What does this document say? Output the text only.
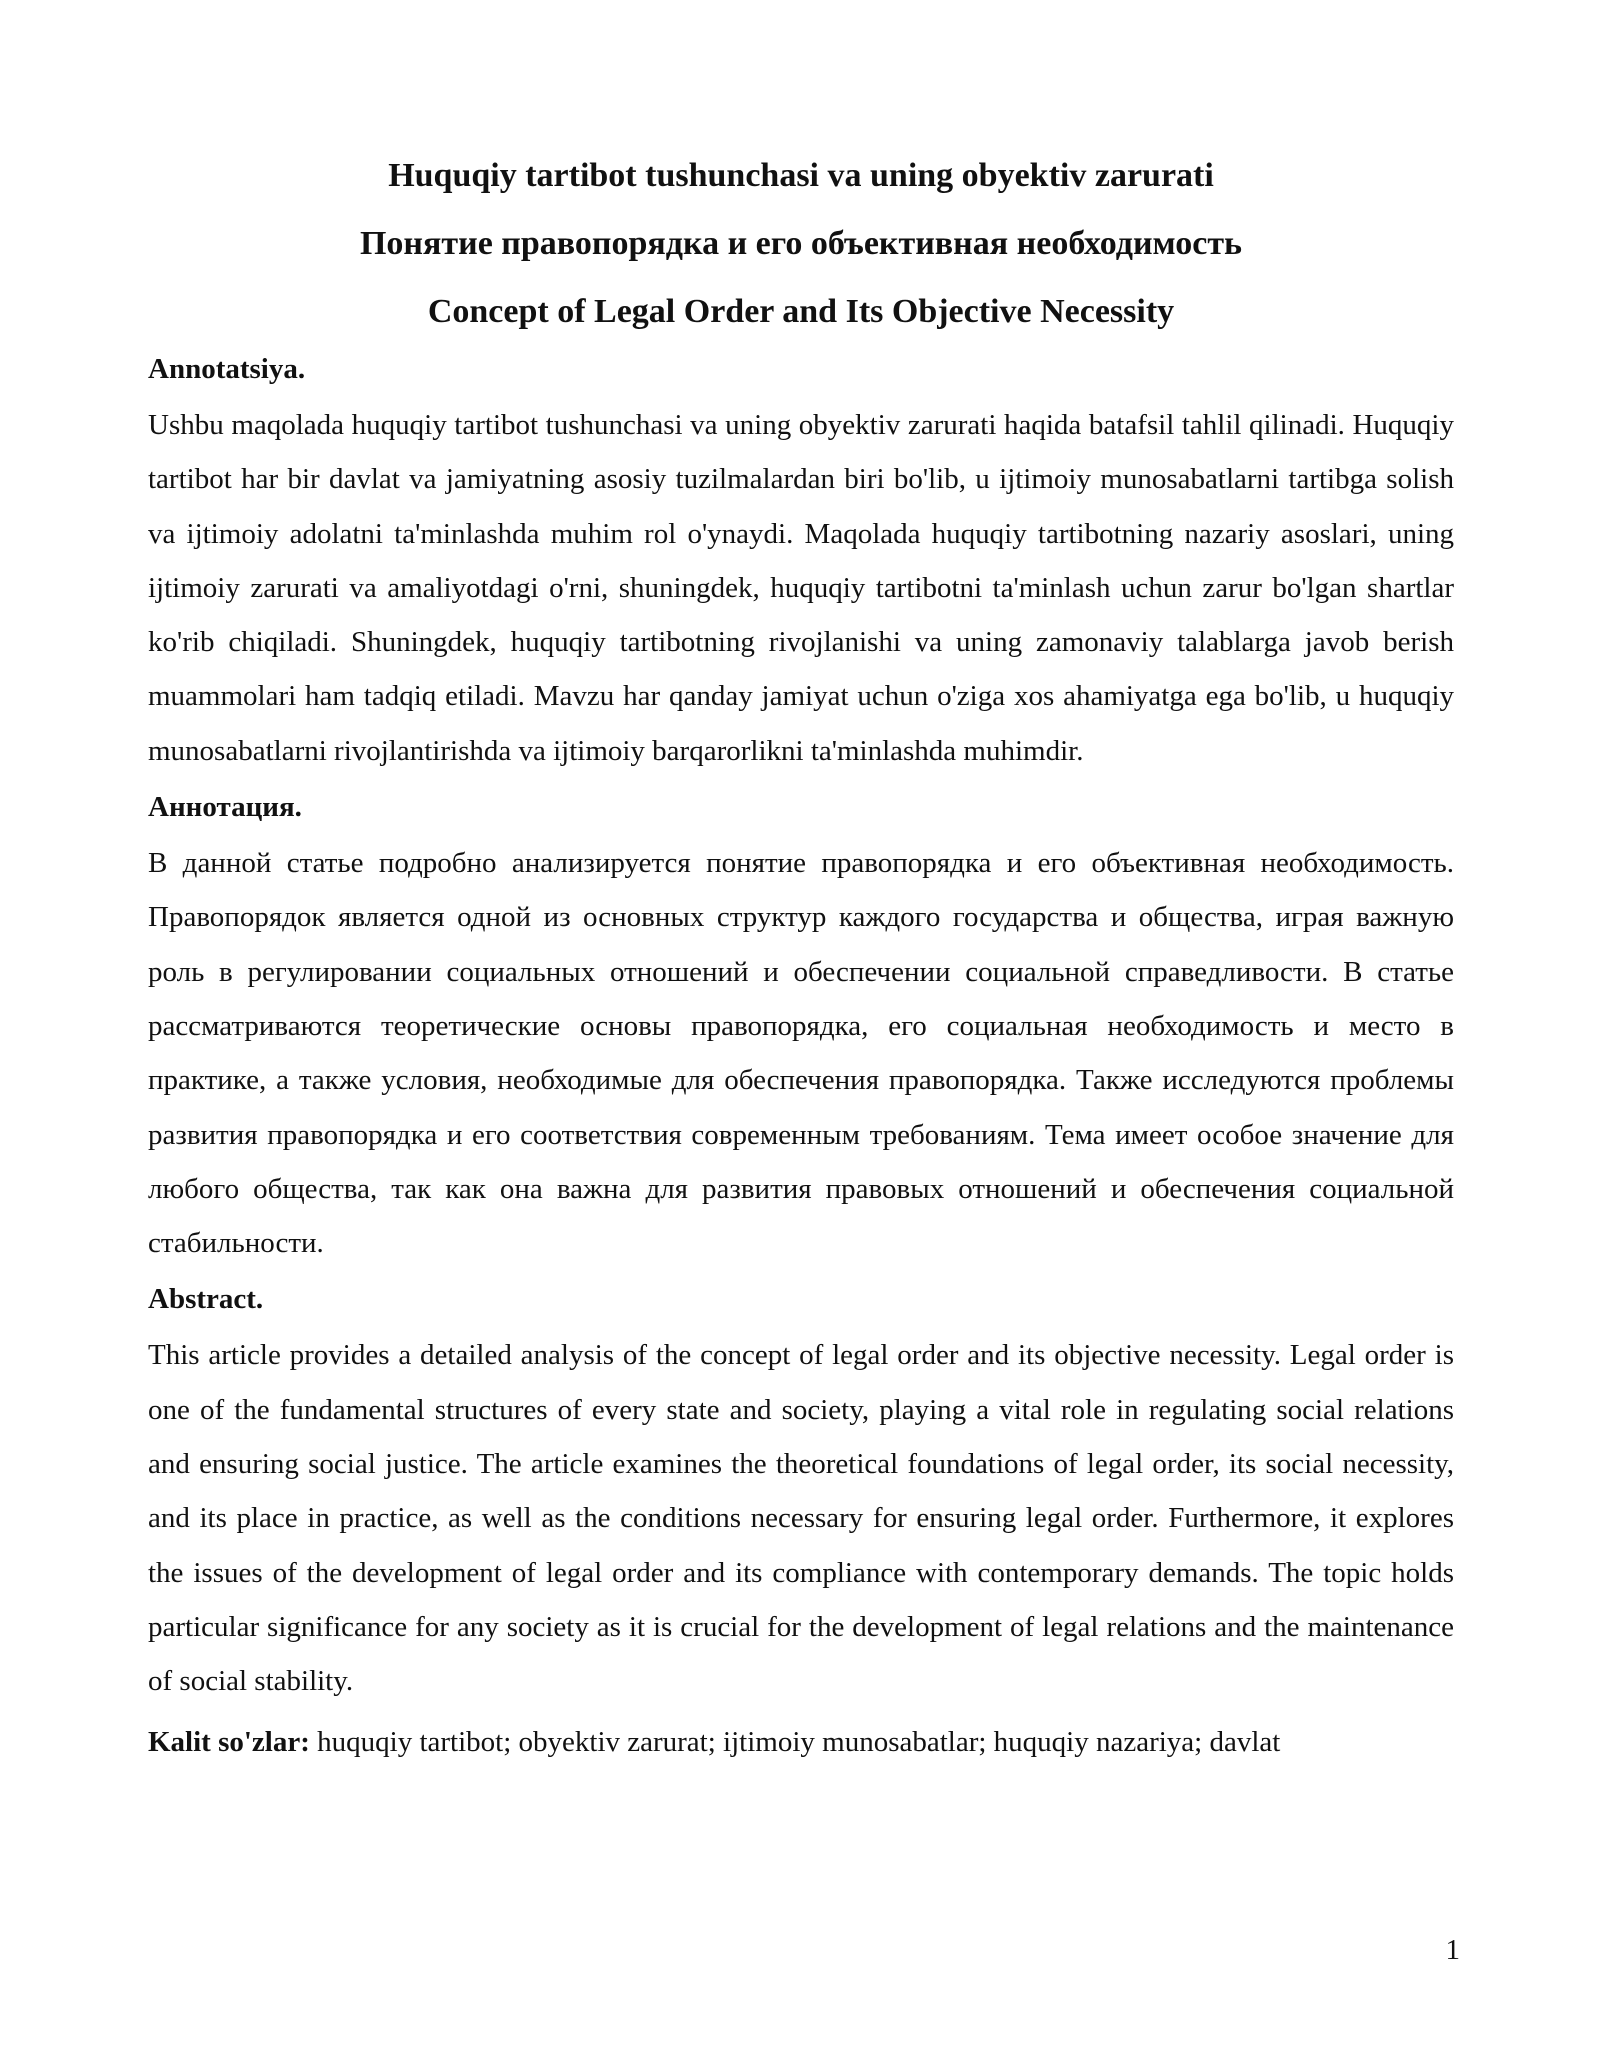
Huquqiy tartibot tushunchasi va uning obyektiv zarurati

Понятие правопорядка и его объективная необходимость

Concept of Legal Order and Its Objective Necessity

Annotatsiya.

Ushbu maqolada huquqiy tartibot tushunchasi va uning obyektiv zarurati haqida batafsil tahlil qilinadi. Huquqiy tartibot har bir davlat va jamiyatning asosiy tuzilmalardan biri bo'lib, u ijtimoiy munosabatlarni tartibga solish va ijtimoiy adolatni ta'minlashda muhim rol o'ynaydi. Maqolada huquqiy tartibotning nazariy asoslari, uning ijtimoiy zarurati va amaliyotdagi o'rni, shuningdek, huquqiy tartibotni ta'minlash uchun zarur bo'lgan shartlar ko'rib chiqiladi. Shuningdek, huquqiy tartibotning rivojlanishi va uning zamonaviy talablarga javob berish muammolari ham tadqiq etiladi. Mavzu har qanday jamiyat uchun o'ziga xos ahamiyatga ega bo'lib, u huquqiy munosabatlarni rivojlantirishda va ijtimoiy barqarorlikni ta'minlashda muhimdir.

Аннотация.

В данной статье подробно анализируется понятие правопорядка и его объективная необходимость. Правопорядок является одной из основных структур каждого государства и общества, играя важную роль в регулировании социальных отношений и обеспечении социальной справедливости. В статье рассматриваются теоретические основы правопорядка, его социальная необходимость и место в практике, а также условия, необходимые для обеспечения правопорядка. Также исследуются проблемы развития правопорядка и его соответствия современным требованиям. Тема имеет особое значение для любого общества, так как она важна для развития правовых отношений и обеспечения социальной стабильности.

Abstract.

This article provides a detailed analysis of the concept of legal order and its objective necessity. Legal order is one of the fundamental structures of every state and society, playing a vital role in regulating social relations and ensuring social justice. The article examines the theoretical foundations of legal order, its social necessity, and its place in practice, as well as the conditions necessary for ensuring legal order. Furthermore, it explores the issues of the development of legal order and its compliance with contemporary demands. The topic holds particular significance for any society as it is crucial for the development of legal relations and the maintenance of social stability.

Kalit so'zlar: huquqiy tartibot; obyektiv zarurat; ijtimoiy munosabatlar; huquqiy nazariya; davlat

1
